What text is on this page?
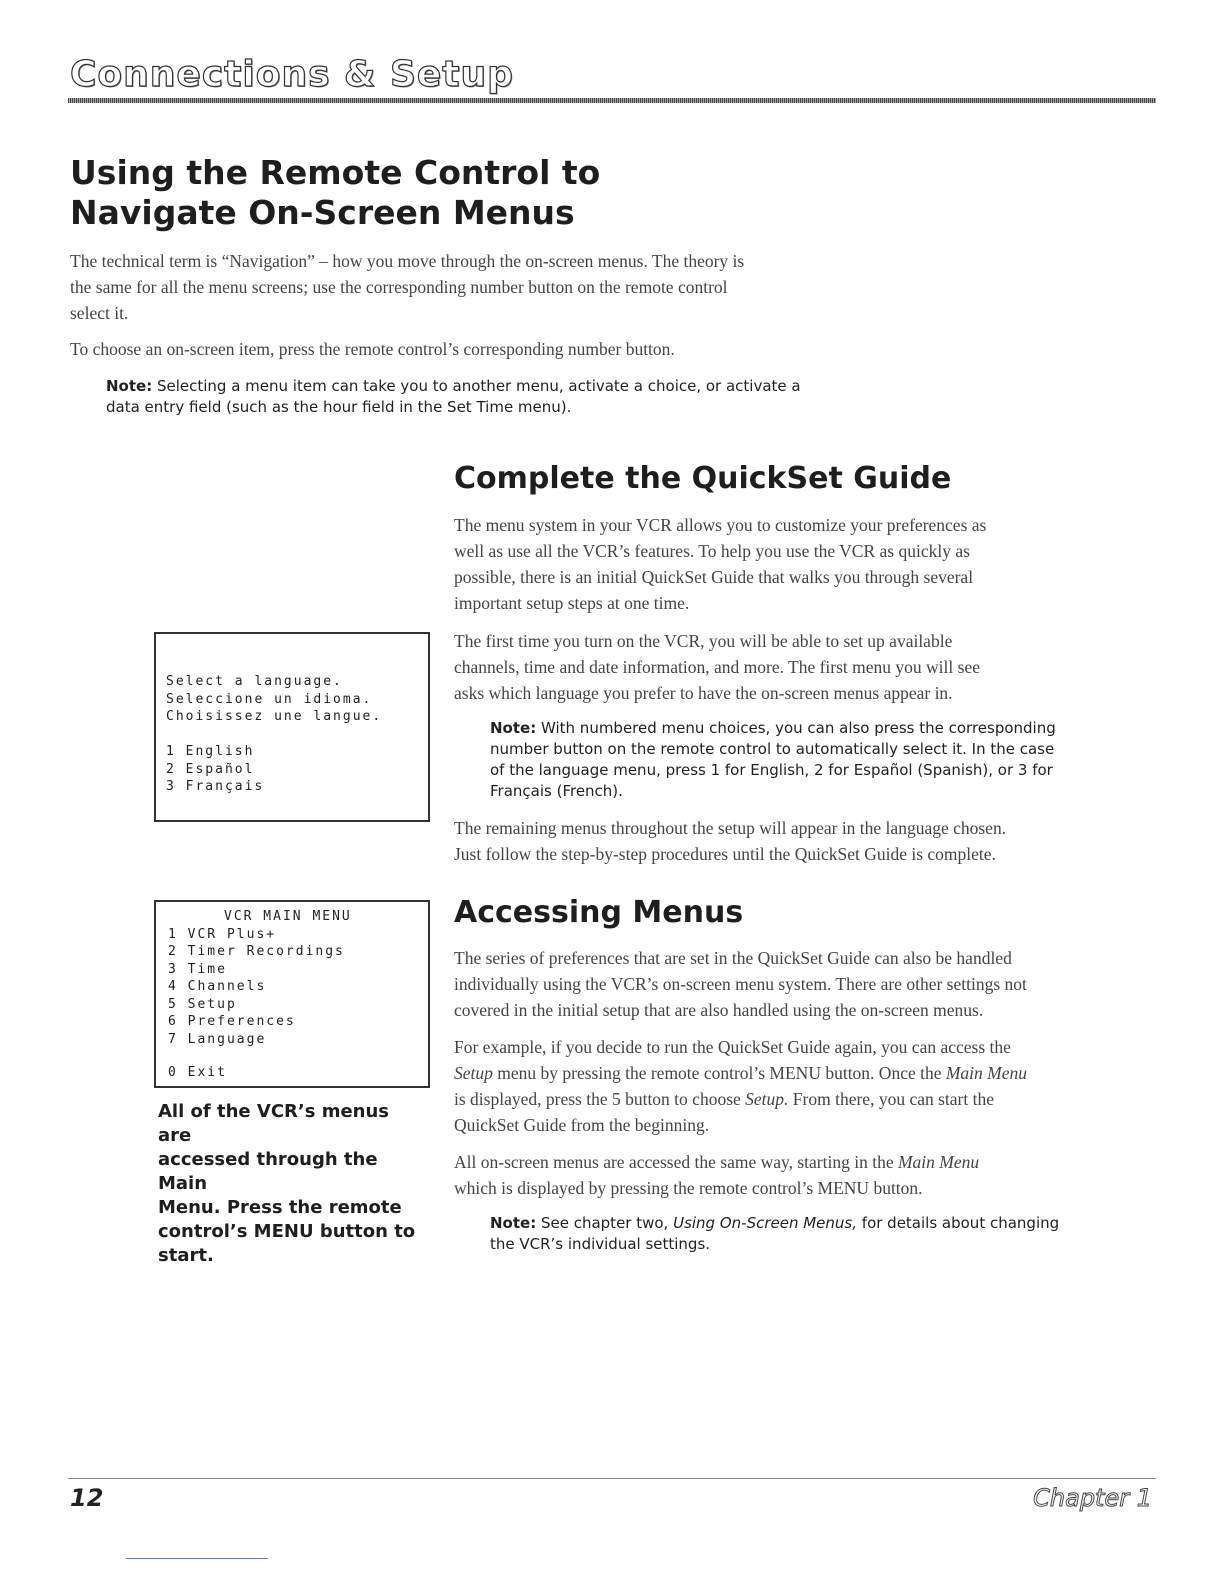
Connections & Setup
Using the Remote Control to
Navigate On-Screen Menus
The technical term is “Navigation” – how you move through the on-screen menus. The theory is
the same for all the menu screens; use the corresponding number button on the remote control
select it.
To choose an on-screen item, press the remote control’s corresponding number button.
Note: Selecting a menu item can take you to another menu, activate a choice, or activate a
data entry field (such as the hour field in the Set Time menu).
Complete the QuickSet Guide
The menu system in your VCR allows you to customize your preferences as
well as use all the VCR’s features. To help you use the VCR as quickly as
possible, there is an initial QuickSet Guide that walks you through several
important setup steps at one time.
The first time you turn on the VCR, you will be able to set up available
channels, time and date information, and more. The first menu you will see
asks which language you prefer to have the on-screen menus appear in.
Note: With numbered menu choices, you can also press the corresponding
number button on the remote control to automatically select it. In the case
of the language menu, press 1 for English, 2 for Español (Spanish), or 3 for
Français (French).
The remaining menus throughout the setup will appear in the language chosen.
Just follow the step-by-step procedures until the QuickSet Guide is complete.
Select a language.
Seleccione un idioma.
Choisissez une langue.
1 English
2 Español
3 Français
VCR MAIN MENU
1 VCR Plus+
2 Timer Recordings
3 Time
4 Channels
5 Setup
6 Preferences
7 Language
0 Exit
All of the VCR’s menus are
accessed through the Main
Menu. Press the remote
control’s MENU button to
start.
Accessing Menus
The series of preferences that are set in the QuickSet Guide can also be handled
individually using the VCR’s on-screen menu system. There are other settings not
covered in the initial setup that are also handled using the on-screen menus.
For example, if you decide to run the QuickSet Guide again, you can access the
Setup menu by pressing the remote control’s MENU button. Once the Main Menu
is displayed, press the 5 button to choose Setup. From there, you can start the
QuickSet Guide from the beginning.
All on-screen menus are accessed the same way, starting in the Main Menu
which is displayed by pressing the remote control’s MENU button.
Note: See chapter two, Using On-Screen Menus, for details about changing
the VCR’s individual settings.
12	Chapter 1
